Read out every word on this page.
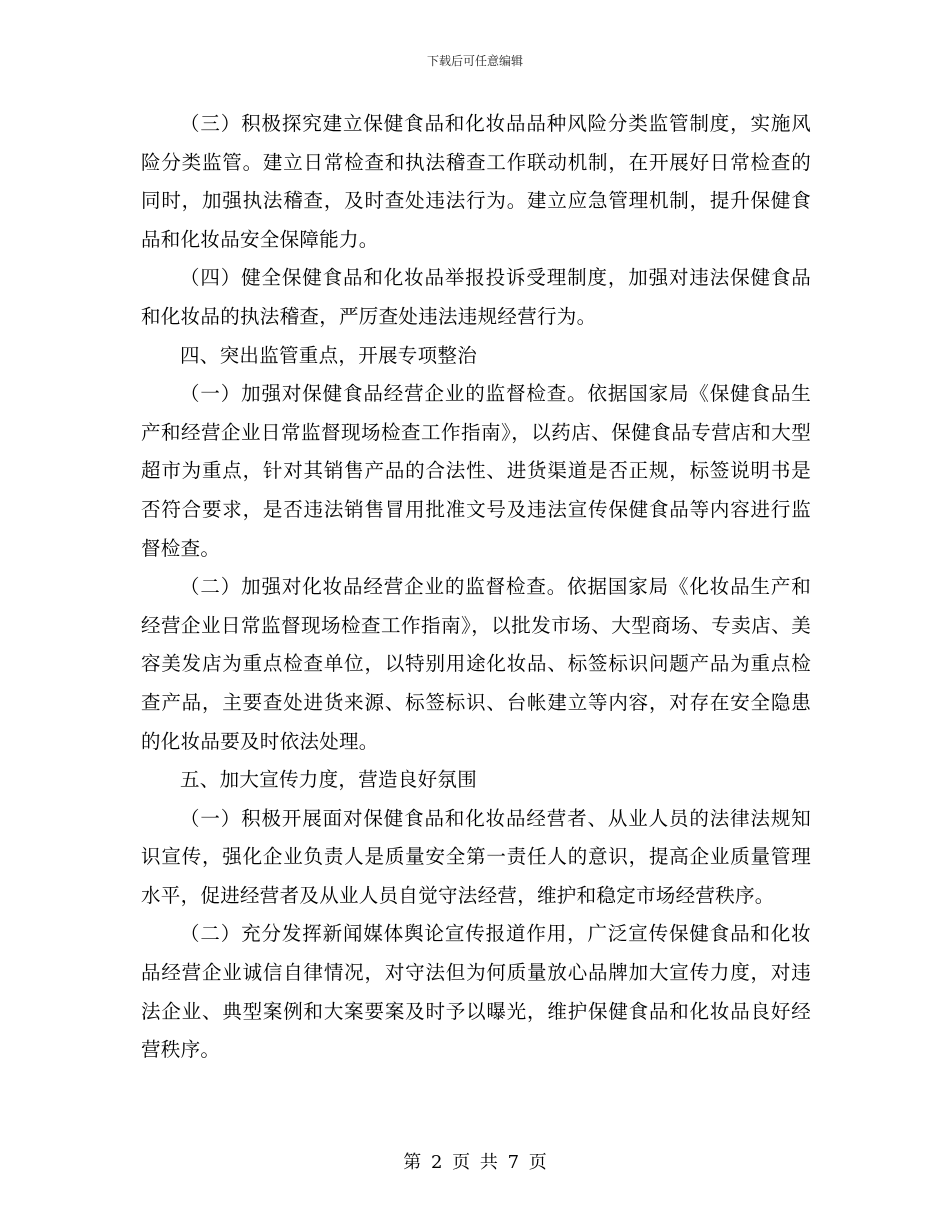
下载后可任意编辑

（三）积极探究建立保健食品和化妆品品种风险分类监管制度，实施风险分类监管。建立日常检查和执法稽查工作联动机制，在开展好日常检查的同时，加强执法稽查，及时查处违法行为。建立应急管理机制，提升保健食品和化妆品安全保障能力。

（四）健全保健食品和化妆品举报投诉受理制度，加强对违法保健食品和化妆品的执法稽查，严厉查处违法违规经营行为。

四、突出监管重点，开展专项整治

（一）加强对保健食品经营企业的监督检查。依据国家局《保健食品生产和经营企业日常监督现场检查工作指南》，以药店、保健食品专营店和大型超市为重点，针对其销售产品的合法性、进货渠道是否正规，标签说明书是否符合要求，是否违法销售冒用批准文号及违法宣传保健食品等内容进行监督检查。

（二）加强对化妆品经营企业的监督检查。依据国家局《化妆品生产和经营企业日常监督现场检查工作指南》，以批发市场、大型商场、专卖店、美容美发店为重点检查单位，以特别用途化妆品、标签标识问题产品为重点检查产品，主要查处进货来源、标签标识、台帐建立等内容，对存在安全隐患的化妆品要及时依法处理。

五、加大宣传力度，营造良好氛围

（一）积极开展面对保健食品和化妆品经营者、从业人员的法律法规知识宣传，强化企业负责人是质量安全第一责任人的意识，提高企业质量管理水平，促进经营者及从业人员自觉守法经营，维护和稳定市场经营秩序。

（二）充分发挥新闻媒体舆论宣传报道作用，广泛宣传保健食品和化妆品经营企业诚信自律情况，对守法但为何质量放心品牌加大宣传力度，对违法企业、典型案例和大案要案及时予以曝光，维护保健食品和化妆品良好经营秩序。

第 2 页 共 7 页
